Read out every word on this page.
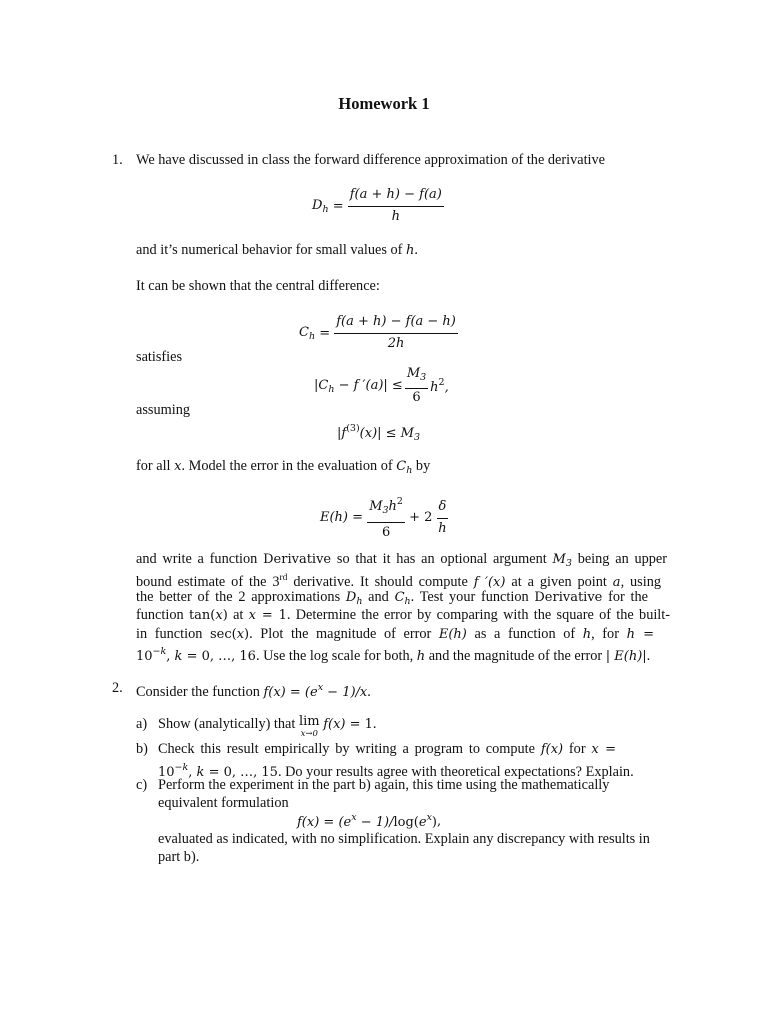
Homework 1
1. We have discussed in class the forward difference approximation of the derivative
$D_h = \frac{f(a + h) - f(a)}{h}$
and it’s numerical behavior for small values of h.
It can be shown that the central difference:
$C_h = \frac{f(a + h) - f(a - h)}{2h}$
satisfies
$|C_h - f$ $'(a)| \le \frac{M_3}{6} h^2$,
assuming
$|f^{(3)}(x)| \le M_3$
for all x. Model the error in the evaluation of $C_h$ by
$E(h) = \frac{M_3h^2}{6} + 2 \frac{\delta}{h}$
and write a function Derivative so that it has an optional argument $M_3$ being an upper
bound estimate of the 3rd derivative. It should compute f ′(x) at a given point a, using
the better of the 2 approximations $D_h$ and $C_h$. Test your function Derivative for the
function tan(x) at x = 1. Determine the error by comparing with the square of the built-
in function sec(x). Plot the magnitude of error E(h) as a function of h, for h =
$10^{-k}$, k = 0, …, 16. Use the log scale for both, h and the magnitude of the error | E(h)|.
2. Consider the function $f(x) = (e^x - 1)/x$.
a) Show (analytically) that lim
x→0
f(x) = 1.
b) Check this result empirically by writing a program to compute f(x) for x =
$10^{-k}$, k = 0, …, 15. Do your results agree with theoretical expectations? Explain.
c) Perform the experiment in the part b) again, this time using the mathematically
equivalent formulation
$f(x) = (e^x - 1)/$ $\log(e^x)$ ,
evaluated as indicated, with no simplification. Explain any discrepancy with results in
part b).
